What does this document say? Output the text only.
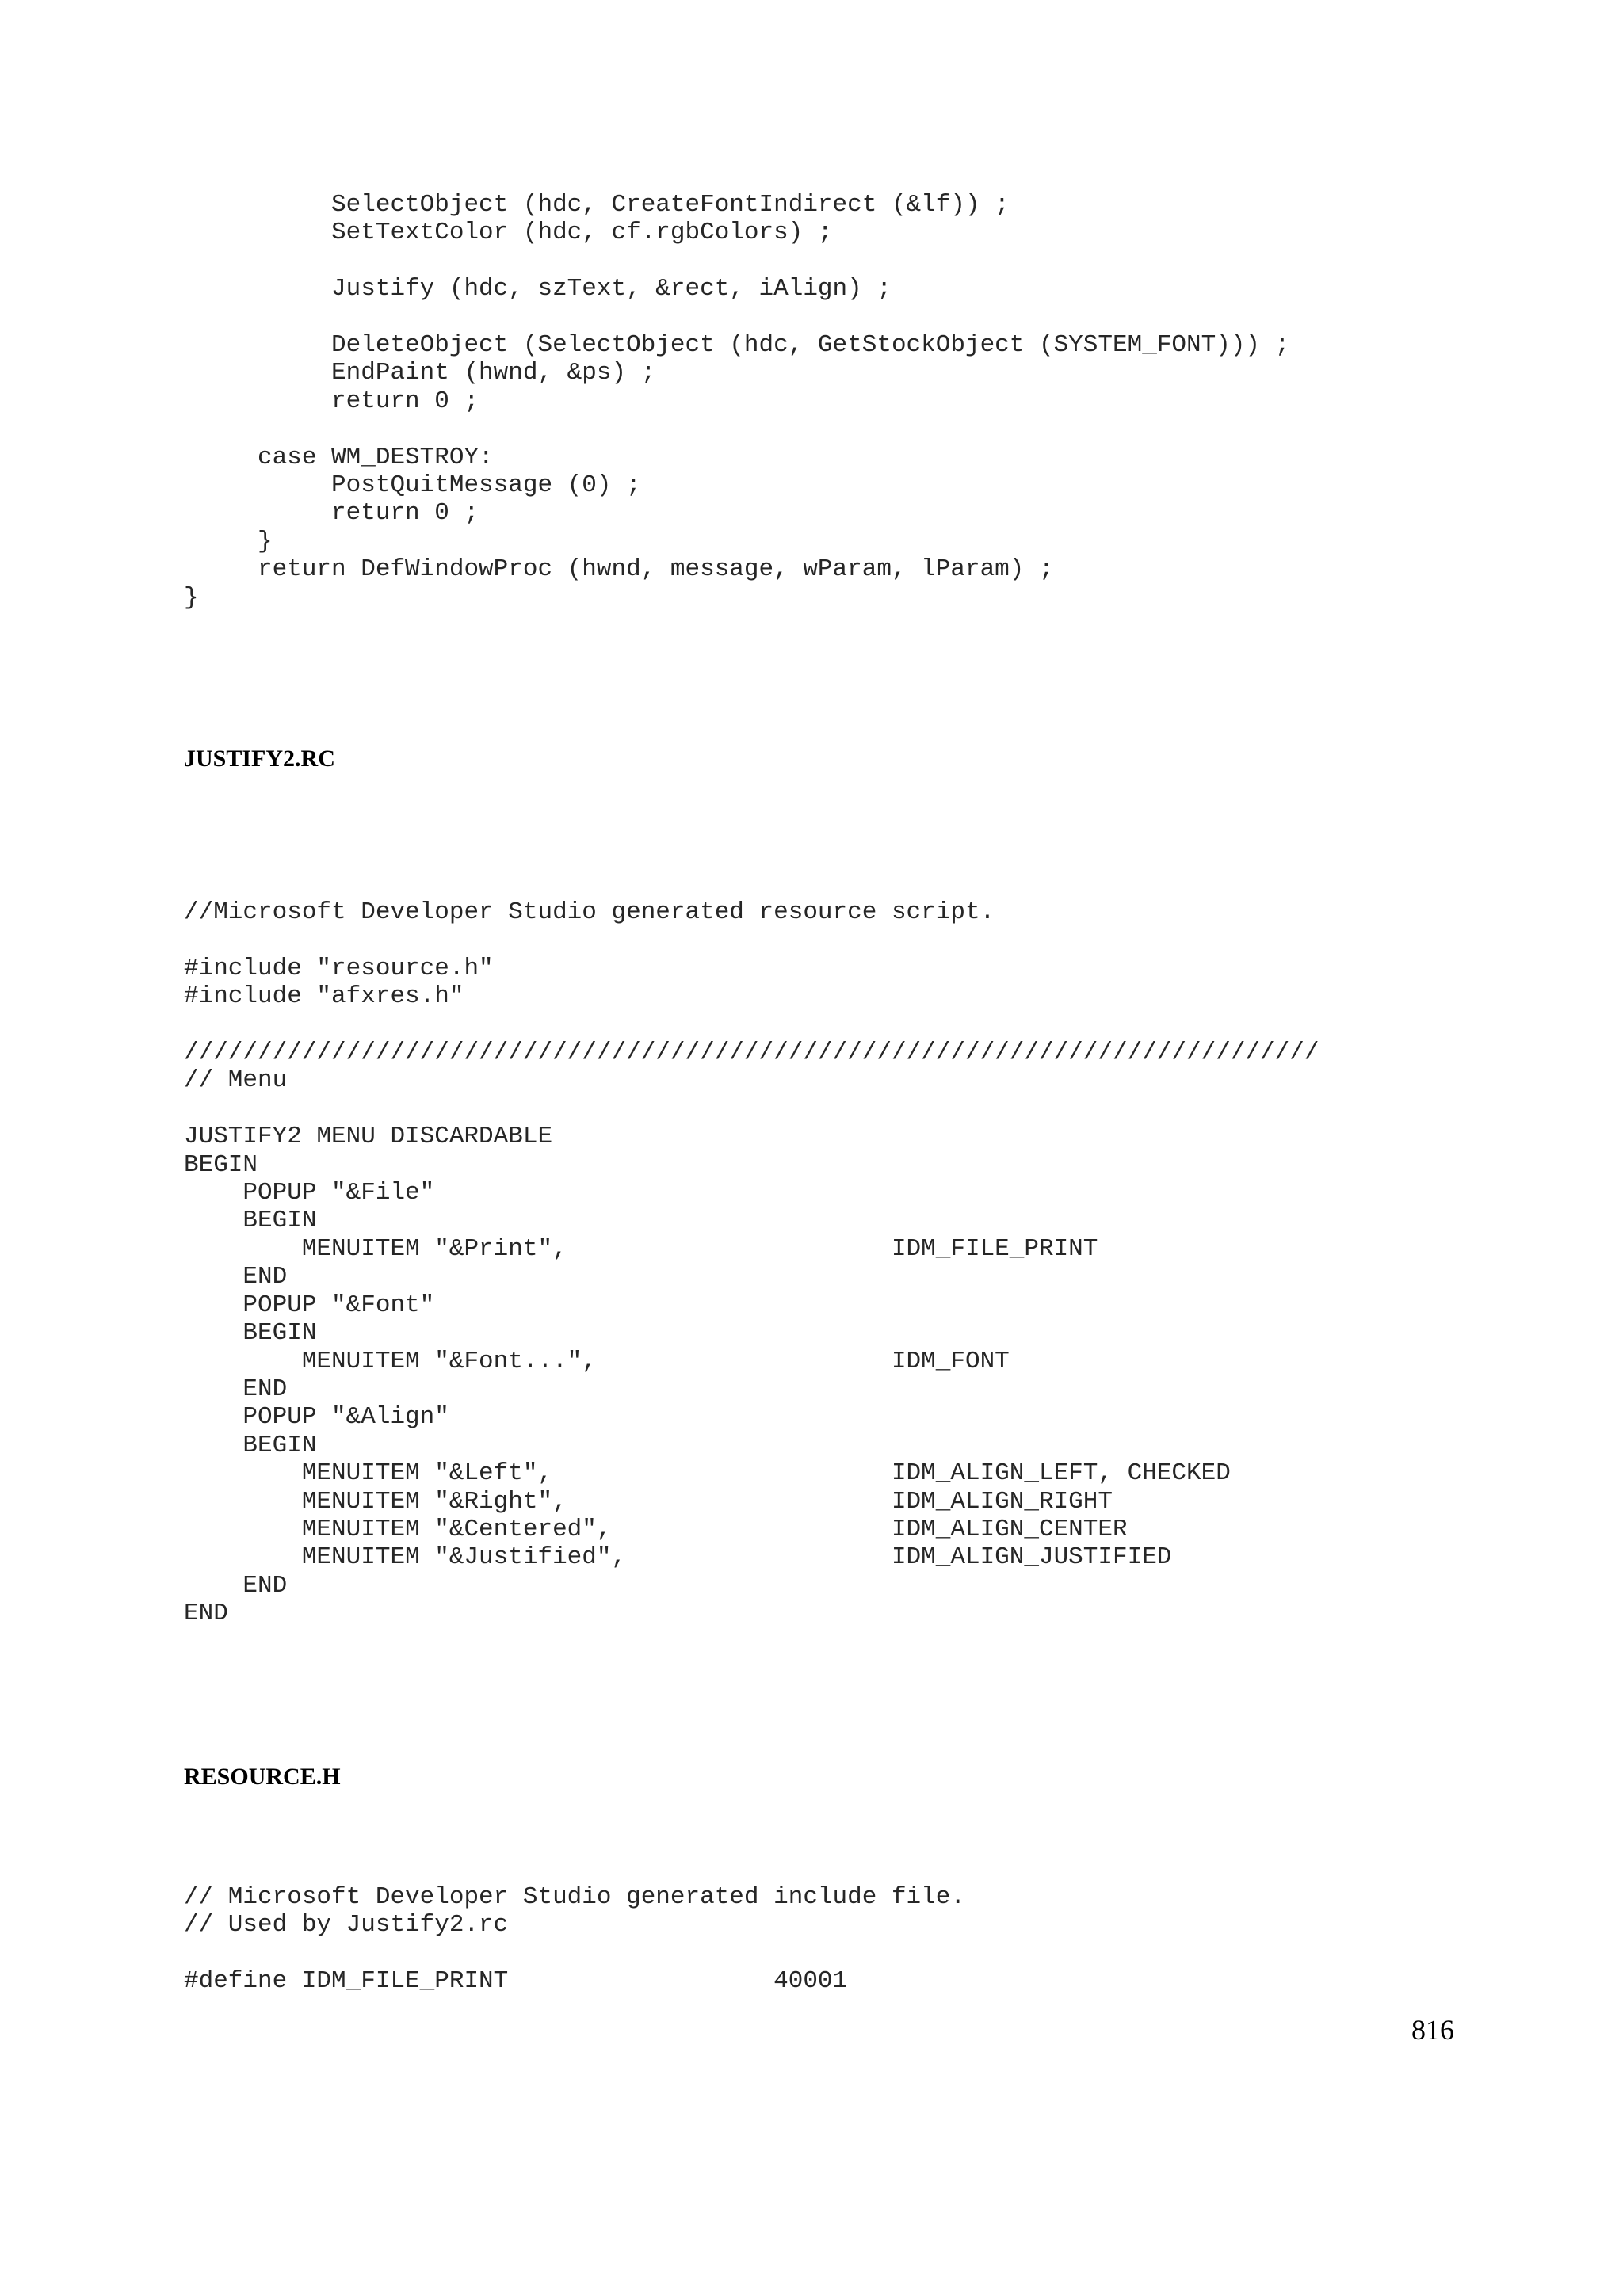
SelectObject (hdc, CreateFontIndirect (&lf)) ;
SetTextColor (hdc, cf.rgbColors) ;

Justify (hdc, szText, &rect, iAlign) ;

DeleteObject (SelectObject (hdc, GetStockObject (SYSTEM_FONT))) ;
EndPaint (hwnd, &ps) ;
return 0 ;

case WM_DESTROY:
PostQuitMessage (0) ;
return 0 ;
}
return DefWindowProc (hwnd, message, wParam, lParam) ;
}
JUSTIFY2.RC
//Microsoft Developer Studio generated resource script.

#include "resource.h"
#include "afxres.h"

/////////////////////////////////////////////////////////////////////////////
// Menu

JUSTIFY2 MENU DISCARDABLE
BEGIN
POPUP "&File"
BEGIN
MENUITEM "&Print",                      IDM_FILE_PRINT
END
POPUP "&Font"
BEGIN
MENUITEM "&Font...",                    IDM_FONT
END
POPUP "&Align"
BEGIN
MENUITEM "&Left",                       IDM_ALIGN_LEFT, CHECKED
MENUITEM "&Right",                      IDM_ALIGN_RIGHT
MENUITEM "&Centered",                   IDM_ALIGN_CENTER
MENUITEM "&Justified",                  IDM_ALIGN_JUSTIFIED
END
END
RESOURCE.H
// Microsoft Developer Studio generated include file.
// Used by Justify2.rc

#define IDM_FILE_PRINT                  40001
816
